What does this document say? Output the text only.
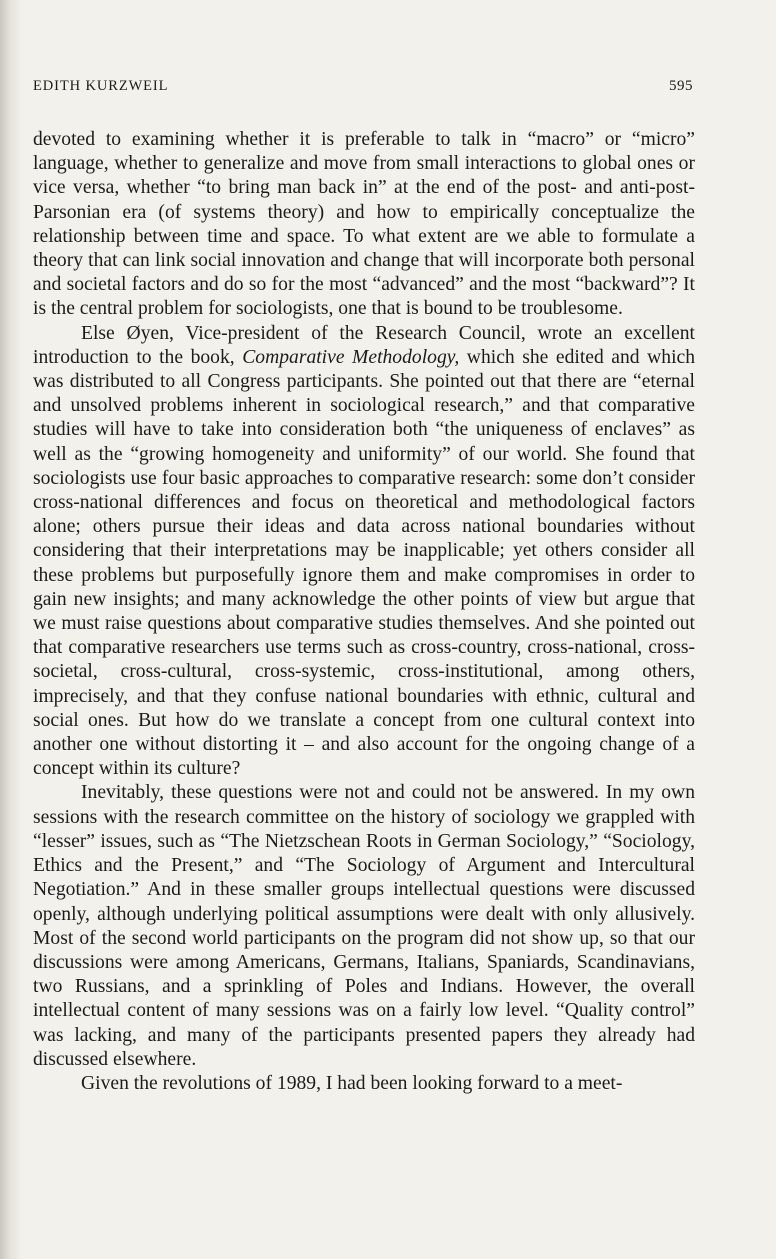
EDITH KURZWEIL	595

devoted to examining whether it is preferable to talk in “macro” or “micro” language, whether to generalize and move from small interactions to global ones or vice versa, whether “to bring man back in” at the end of the post- and anti-post-Parsonian era (of systems theory) and how to empirically conceptualize the relationship between time and space. To what extent are we able to formulate a theory that can link social innovation and change that will incorporate both personal and societal factors and do so for the most “advanced” and the most “backward”? It is the central problem for sociologists, one that is bound to be troublesome.

Else Øyen, Vice-president of the Research Council, wrote an excellent introduction to the book, Comparative Methodology, which she edited and which was distributed to all Congress participants. She pointed out that there are “eternal and unsolved problems inherent in sociological research,” and that comparative studies will have to take into consideration both “the uniqueness of enclaves” as well as the “growing homogeneity and uniformity” of our world. She found that sociologists use four basic approaches to comparative research: some don’t consider cross-national differences and focus on theoretical and methodological factors alone; others pursue their ideas and data across national boundaries without considering that their interpretations may be inapplicable; yet others consider all these problems but purposefully ignore them and make compromises in order to gain new insights; and many acknowledge the other points of view but argue that we must raise questions about comparative studies themselves. And she pointed out that comparative researchers use terms such as cross-country, cross-national, cross-societal, cross-cultural, cross-systemic, cross-institutional, among others, imprecisely, and that they confuse national boundaries with ethnic, cultural and social ones. But how do we translate a concept from one cultural context into another one without distorting it – and also account for the ongoing change of a concept within its culture?

Inevitably, these questions were not and could not be answered. In my own sessions with the research committee on the history of sociology we grappled with “lesser” issues, such as “The Nietzschean Roots in German Sociology,” “Sociology, Ethics and the Present,” and “The Sociology of Argument and Intercultural Negotiation.” And in these smaller groups intellectual questions were discussed openly, although underlying political assumptions were dealt with only allusively. Most of the second world participants on the program did not show up, so that our discussions were among Americans, Germans, Italians, Spaniards, Scandinavians, two Russians, and a sprinkling of Poles and Indians. However, the overall intellectual content of many sessions was on a fairly low level. “Quality control” was lacking, and many of the participants presented papers they already had discussed elsewhere.

Given the revolutions of 1989, I had been looking forward to a meet-
